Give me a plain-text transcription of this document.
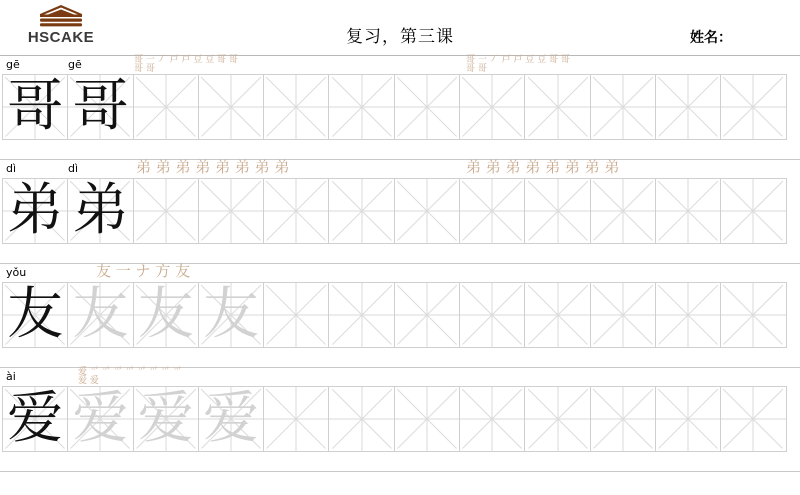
HSCAKE	复习，第三课	姓名：
gē	gē	哥 一 丆 戸 戸 豆 豆 哥 哥
哥 哥
哥 一 丆 戸 戸 豆 豆 哥 哥
哥 哥
哥 哥
dì	dì	弟 弟 弟 弟 弟 弟 弟 弟	弟 弟 弟 弟 弟 弟 弟 弟
弟 弟
yǒu	友 一 ナ 方 友
友 友 友 友
ài	爱 爫 爫 爫 爫 爫 爫 爫 爫
爱 爱
爱 爱 爱 爱
